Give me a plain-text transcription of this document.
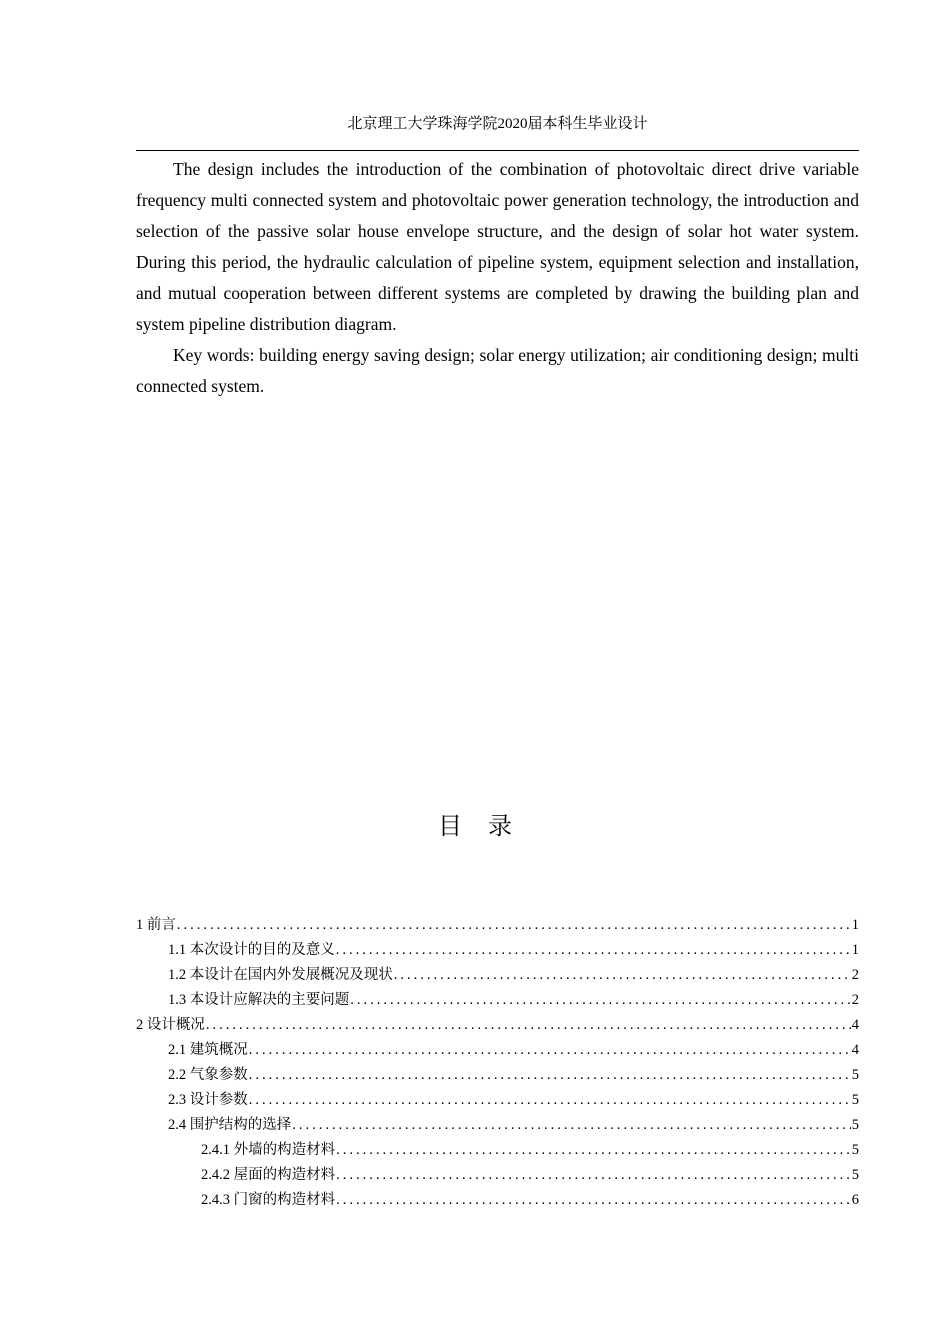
北京理工大学珠海学院2020届本科生毕业设计

The design includes the introduction of the combination of photovoltaic direct drive variable frequency multi connected system and photovoltaic power generation technology, the introduction and selection of the passive solar house envelope structure, and the design of solar hot water system. During this period, the hydraulic calculation of pipeline system, equipment selection and installation, and mutual cooperation between different systems are completed by drawing the building plan and system pipeline distribution diagram.

Key words: building energy saving design; solar energy utilization; air conditioning design; multi connected system.

目录
1 前言 .....	1
1.1 本次设计的目的及意义 .....	1
1.2 本设计在国内外发展概况及现状 .....	2
1.3 本设计应解决的主要问题 .....	2
2 设计概况 .....	4
2.1 建筑概况 .....	4
2.2 气象参数 .....	5
2.3 设计参数 .....	5
2.4 围护结构的选择 .....	5
2.4.1 外墙的构造材料 .....	5
2.4.2 屋面的构造材料 .....	5
2.4.3 门窗的构造材料 .....	6
